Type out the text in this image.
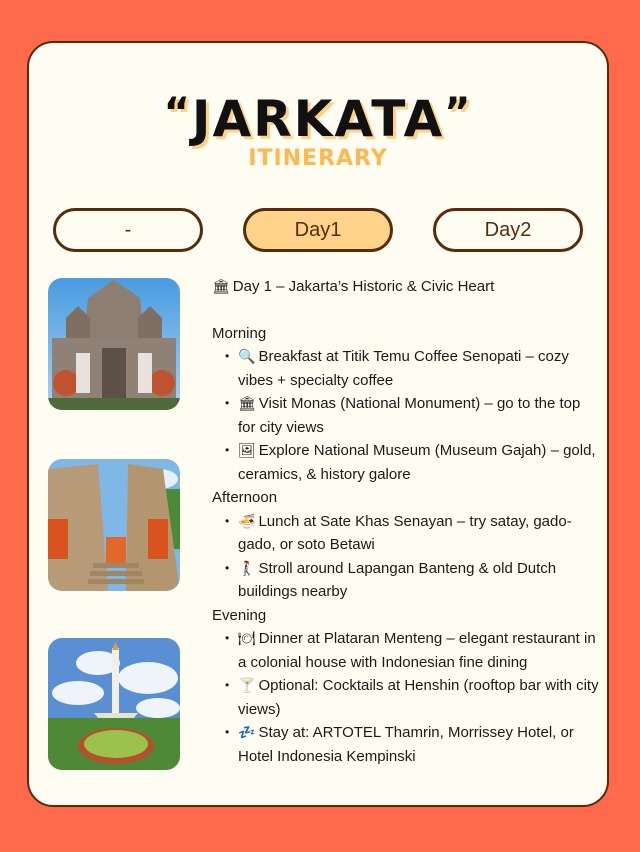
“JARKATA”
ITINERARY
-	Day1	Day2
🏛 Day 1 – Jakarta’s Historic & Civic Heart
Morning
• 🔍 Breakfast at Titik Temu Coffee Senopati – cozy vibes + specialty coffee
• 🏛 Visit Monas (National Monument) – go to the top for city views
• 🖼 Explore National Museum (Museum Gajah) – gold, ceramics, & history galore
Afternoon
• 🍜 Lunch at Sate Khas Senayan – try satay, gado-gado, or soto Betawi
• 🚶‍♀ Stroll around Lapangan Banteng & old Dutch buildings nearby
Evening
• 🍽 Dinner at Plataran Menteng – elegant restaurant in a colonial house with Indonesian fine dining
• 🍸 Optional: Cocktails at Henshin (rooftop bar with city views)
• 💤 Stay at: ARTOTEL Thamrin, Morrissey Hotel, or Hotel Indonesia Kempinski
